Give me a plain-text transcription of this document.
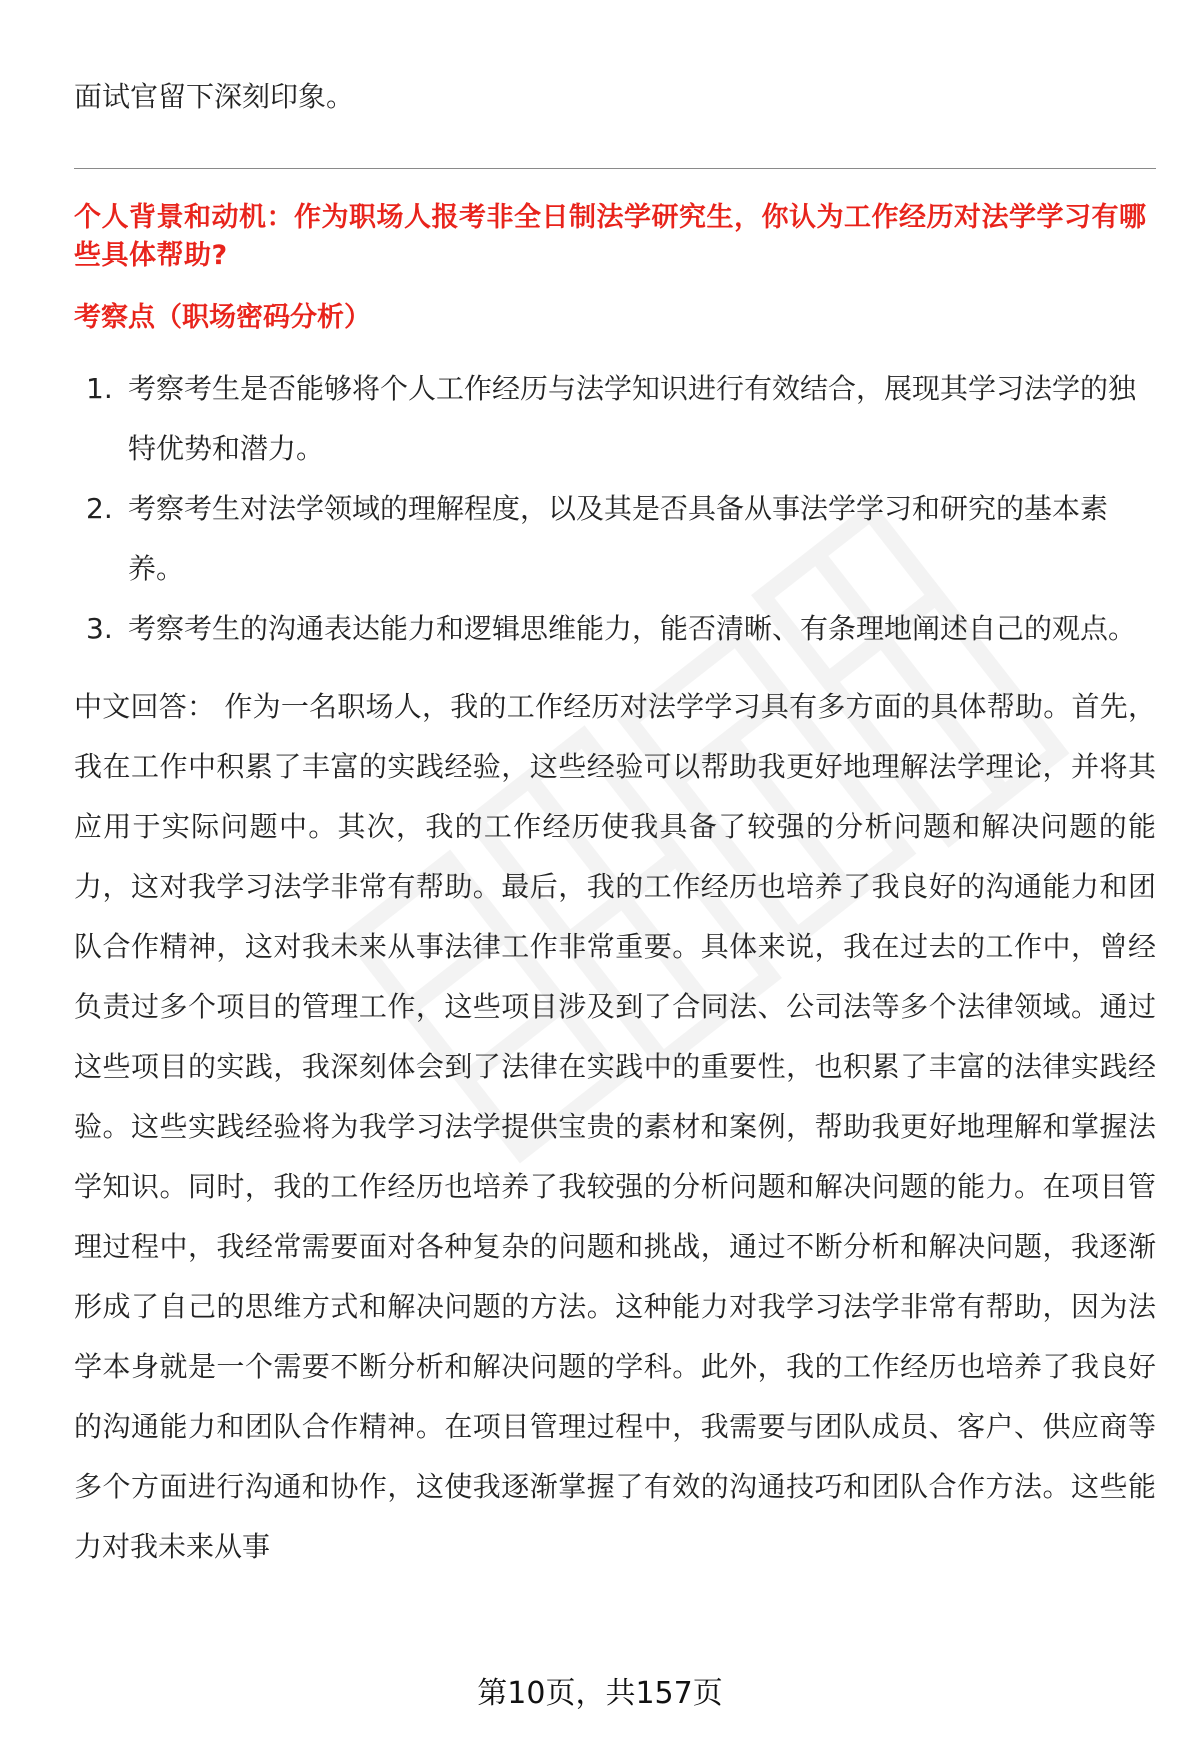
面试官留下深刻印象。

个人背景和动机：作为职场人报考非全日制法学研究生，你认为工作经历对法学学习有哪些具体帮助?
考察点（职场密码分析）
1. 考察考生是否能够将个人工作经历与法学知识进行有效结合，展现其学习法学的独特优势和潜力。
2. 考察考生对法学领域的理解程度，以及其是否具备从事法学学习和研究的基本素养。
3. 考察考生的沟通表达能力和逻辑思维能力，能否清晰、有条理地阐述自己的观点。

中文回答： 作为一名职场人，我的工作经历对法学学习具有多方面的具体帮助。首先，我在工作中积累了丰富的实践经验，这些经验可以帮助我更好地理解法学理论，并将其应用于实际问题中。其次，我的工作经历使我具备了较强的分析问题和解决问题的能力，这对我学习法学非常有帮助。最后，我的工作经历也培养了我良好的沟通能力和团队合作精神，这对我未来从事法律工作非常重要。具体来说，我在过去的工作中，曾经负责过多个项目的管理工作，这些项目涉及到了合同法、公司法等多个法律领域。通过这些项目的实践，我深刻体会到了法律在实践中的重要性，也积累了丰富的法律实践经验。这些实践经验将为我学习法学提供宝贵的素材和案例，帮助我更好地理解和掌握法学知识。同时，我的工作经历也培养了我较强的分析问题和解决问题的能力。在项目管理过程中，我经常需要面对各种复杂的问题和挑战，通过不断分析和解决问题，我逐渐形成了自己的思维方式和解决问题的方法。这种能力对我学习法学非常有帮助，因为法学本身就是一个需要不断分析和解决问题的学科。此外，我的工作经历也培养了我良好的沟通能力和团队合作精神。在项目管理过程中，我需要与团队成员、客户、供应商等多个方面进行沟通和协作，这使我逐渐掌握了有效的沟通技巧和团队合作方法。这些能力对我未来从事

第10页，共157页
